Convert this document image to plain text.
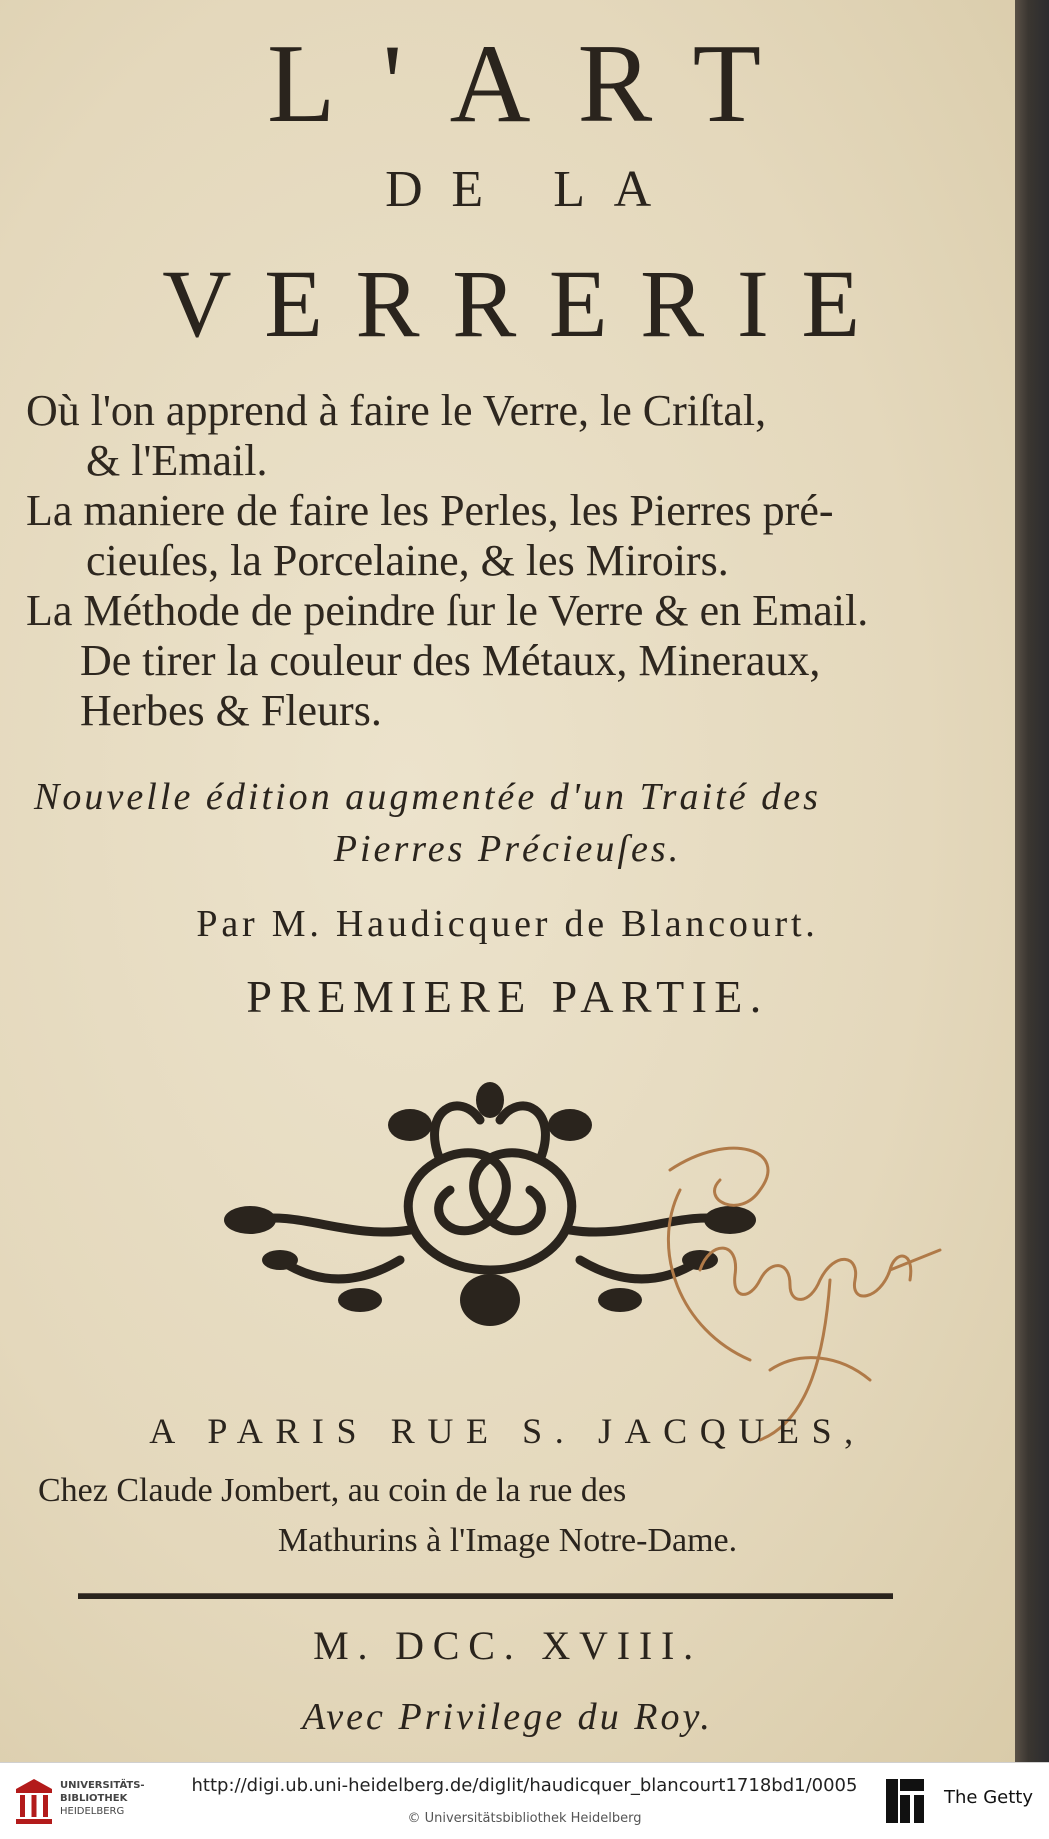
L'ART
DE LA
VERRERIE
Où l'on apprend à faire le Verre, le Criſtal,
& l'Email.
La maniere de faire les Perles, les Pierres pré-
cieuſes, la Porcelaine, & les Miroirs.
La Méthode de peindre ſur le Verre & en Email.
De tirer la couleur des Métaux, Mineraux,
Herbes & Fleurs.
Nouvelle édition augmentée d'un Traité des
Pierres Précieuſes.
Par M. Haudicquer de Blancourt.
PREMIERE PARTIE.
A PARIS RUE S. JACQUES,
Chez Claude Jombert, au coin de la rue des
Mathurins à l'Image Notre-Dame.
M. DCC. XVIII.
Avec Privilege du Roy.
UNIVERSITÄTS-
BIBLIOTHEK
HEIDELBERG
http://digi.ub.uni-heidelberg.de/diglit/haudicquer_blancourt1718bd1/0005
© Universitätsbibliothek Heidelberg
The Getty
